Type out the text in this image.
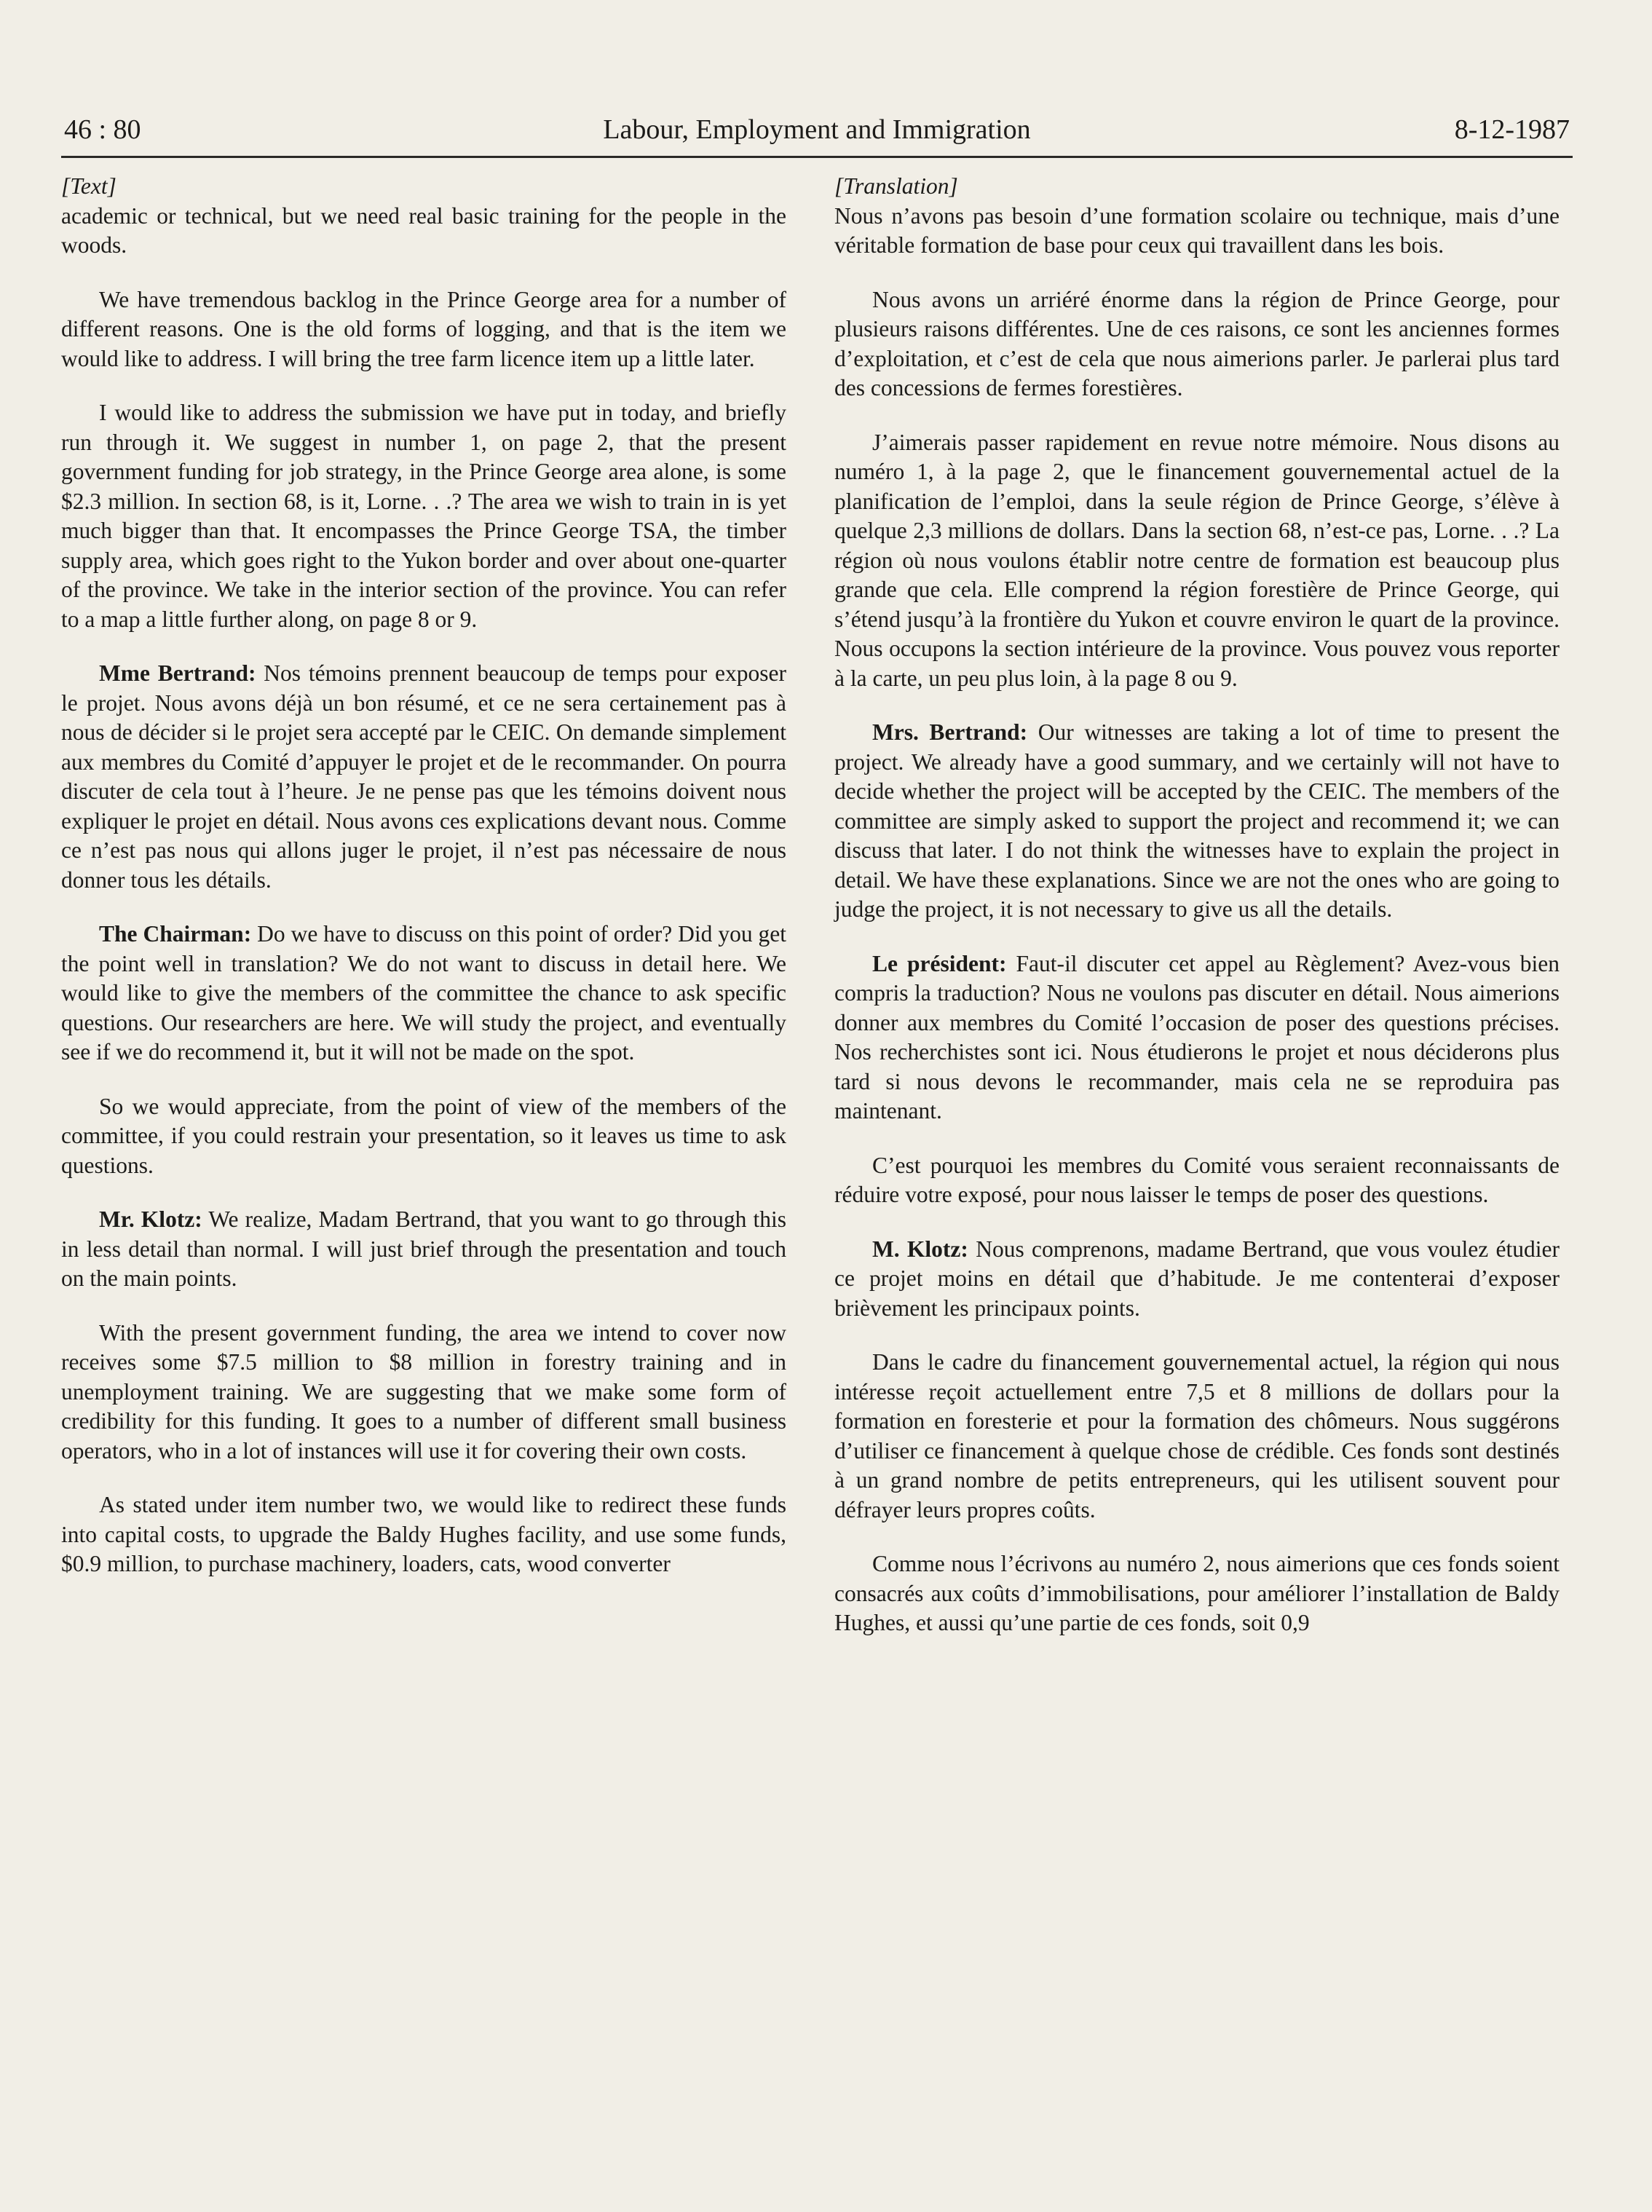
46 : 80	Labour, Employment and Immigration	8-12-1987
[Text]

academic or technical, but we need real basic training for the people in the woods.

We have tremendous backlog in the Prince George area for a number of different reasons. One is the old forms of logging, and that is the item we would like to address. I will bring the tree farm licence item up a little later.

I would like to address the submission we have put in today, and briefly run through it. We suggest in number 1, on page 2, that the present government funding for job strategy, in the Prince George area alone, is some $2.3 million. In section 68, is it, Lorne. . .? The area we wish to train in is yet much bigger than that. It encompasses the Prince George TSA, the timber supply area, which goes right to the Yukon border and over about one-quarter of the province. We take in the interior section of the province. You can refer to a map a little further along, on page 8 or 9.

Mme Bertrand: Nos témoins prennent beaucoup de temps pour exposer le projet. Nous avons déjà un bon résumé, et ce ne sera certainement pas à nous de décider si le projet sera accepté par le CEIC. On demande simplement aux membres du Comité d’appuyer le projet et de le recommander. On pourra discuter de cela tout à l’heure. Je ne pense pas que les témoins doivent nous expliquer le projet en détail. Nous avons ces explications devant nous. Comme ce n’est pas nous qui allons juger le projet, il n’est pas nécessaire de nous donner tous les détails.

The Chairman: Do we have to discuss on this point of order? Did you get the point well in translation? We do not want to discuss in detail here. We would like to give the members of the committee the chance to ask specific questions. Our researchers are here. We will study the project, and eventually see if we do recommend it, but it will not be made on the spot.

So we would appreciate, from the point of view of the members of the committee, if you could restrain your presentation, so it leaves us time to ask questions.

Mr. Klotz: We realize, Madam Bertrand, that you want to go through this in less detail than normal. I will just brief through the presentation and touch on the main points.

With the present government funding, the area we intend to cover now receives some $7.5 million to $8 million in forestry training and in unemployment training. We are suggesting that we make some form of credibility for this funding. It goes to a number of different small business operators, who in a lot of instances will use it for covering their own costs.

As stated under item number two, we would like to redirect these funds into capital costs, to upgrade the Baldy Hughes facility, and use some funds, $0.9 million, to purchase machinery, loaders, cats, wood converter

[Translation]

Nous n’avons pas besoin d’une formation scolaire ou technique, mais d’une véritable formation de base pour ceux qui travaillent dans les bois.

Nous avons un arriéré énorme dans la région de Prince George, pour plusieurs raisons différentes. Une de ces raisons, ce sont les anciennes formes d’exploitation, et c’est de cela que nous aimerions parler. Je parlerai plus tard des concessions de fermes forestières.

J’aimerais passer rapidement en revue notre mémoire. Nous disons au numéro 1, à la page 2, que le financement gouvernemental actuel de la planification de l’emploi, dans la seule région de Prince George, s’élève à quelque 2,3 millions de dollars. Dans la section 68, n’est-ce pas, Lorne. . .? La région où nous voulons établir notre centre de formation est beaucoup plus grande que cela. Elle comprend la région forestière de Prince George, qui s’étend jusqu’à la frontière du Yukon et couvre environ le quart de la province. Nous occupons la section intérieure de la province. Vous pouvez vous reporter à la carte, un peu plus loin, à la page 8 ou 9.

Mrs. Bertrand: Our witnesses are taking a lot of time to present the project. We already have a good summary, and we certainly will not have to decide whether the project will be accepted by the CEIC. The members of the committee are simply asked to support the project and recommend it; we can discuss that later. I do not think the witnesses have to explain the project in detail. We have these explanations. Since we are not the ones who are going to judge the project, it is not necessary to give us all the details.

Le président: Faut-il discuter cet appel au Règlement? Avez-vous bien compris la traduction? Nous ne voulons pas discuter en détail. Nous aimerions donner aux membres du Comité l’occasion de poser des questions précises. Nos recherchistes sont ici. Nous étudierons le projet et nous déciderons plus tard si nous devons le recommander, mais cela ne se reproduira pas maintenant.

C’est pourquoi les membres du Comité vous seraient reconnaissants de réduire votre exposé, pour nous laisser le temps de poser des questions.

M. Klotz: Nous comprenons, madame Bertrand, que vous voulez étudier ce projet moins en détail que d’habitude. Je me contenterai d’exposer brièvement les principaux points.

Dans le cadre du financement gouvernemental actuel, la région qui nous intéresse reçoit actuellement entre 7,5 et 8 millions de dollars pour la formation en foresterie et pour la formation des chômeurs. Nous suggérons d’utiliser ce financement à quelque chose de crédible. Ces fonds sont destinés à un grand nombre de petits entrepreneurs, qui les utilisent souvent pour défrayer leurs propres coûts.

Comme nous l’écrivons au numéro 2, nous aimerions que ces fonds soient consacrés aux coûts d’immobilisations, pour améliorer l’installation de Baldy Hughes, et aussi qu’une partie de ces fonds, soit 0,9
